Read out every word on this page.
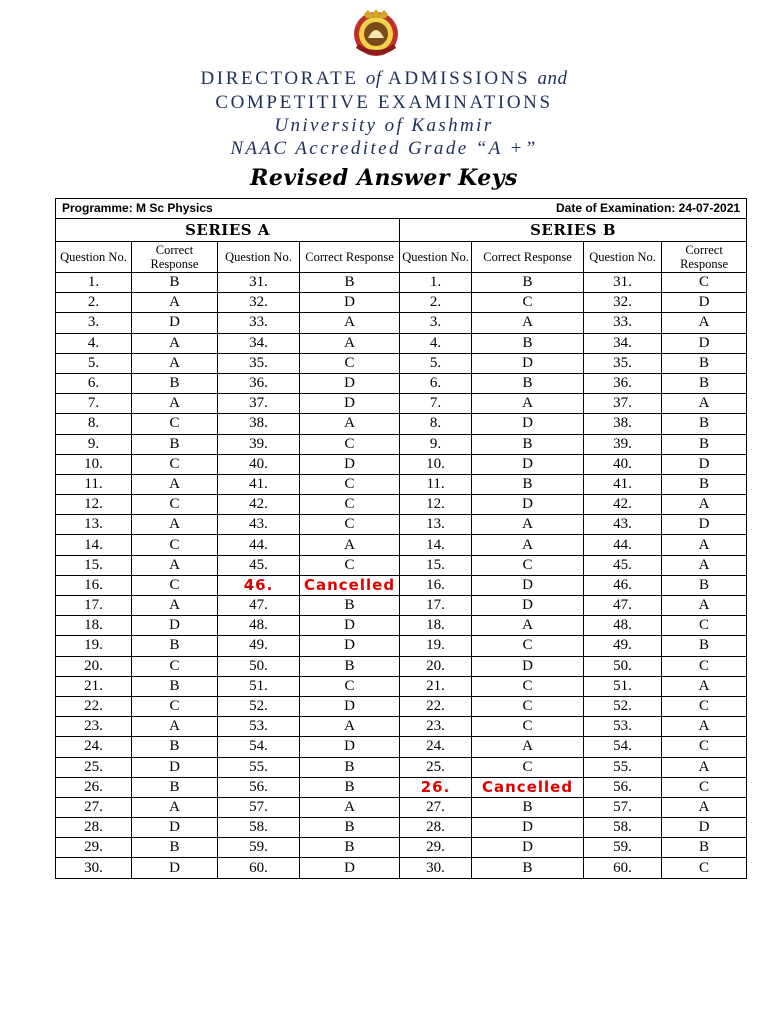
DIRECTORATE of ADMISSIONS and
COMPETITIVE EXAMINATIONS
University of Kashmir
NAAC Accredited Grade “A +”
Revised Answer Keys
Programme: M Sc Physics				Date of Examination: 24-07-2021			
SERIES A				SERIES B			
Question No.	Correct Response	Question No.	Correct Response	Question No.	Correct Response	Question No.	Correct Response
1.	B	31.	B	1.	B	31.	C
2.	A	32.	D	2.	C	32.	D
3.	D	33.	A	3.	A	33.	A
4.	A	34.	A	4.	B	34.	D
5.	A	35.	C	5.	D	35.	B
6.	B	36.	D	6.	B	36.	B
7.	A	37.	D	7.	A	37.	A
8.	C	38.	A	8.	D	38.	B
9.	B	39.	C	9.	B	39.	B
10.	C	40.	D	10.	D	40.	D
11.	A	41.	C	11.	B	41.	B
12.	C	42.	C	12.	D	42.	A
13.	A	43.	C	13.	A	43.	D
14.	C	44.	A	14.	A	44.	A
15.	A	45.	C	15.	C	45.	A
16.	C	46.	Cancelled	16.	D	46.	B
17.	A	47.	B	17.	D	47.	A
18.	D	48.	D	18.	A	48.	C
19.	B	49.	D	19.	C	49.	B
20.	C	50.	B	20.	D	50.	C
21.	B	51.	C	21.	C	51.	A
22.	C	52.	D	22.	C	52.	C
23.	A	53.	A	23.	C	53.	A
24.	B	54.	D	24.	A	54.	C
25.	D	55.	B	25.	C	55.	A
26.	B	56.	B	26.	Cancelled	56.	C
27.	A	57.	A	27.	B	57.	A
28.	D	58.	B	28.	D	58.	D
29.	B	59.	B	29.	D	59.	B
30.	D	60.	D	30.	B	60.	C
